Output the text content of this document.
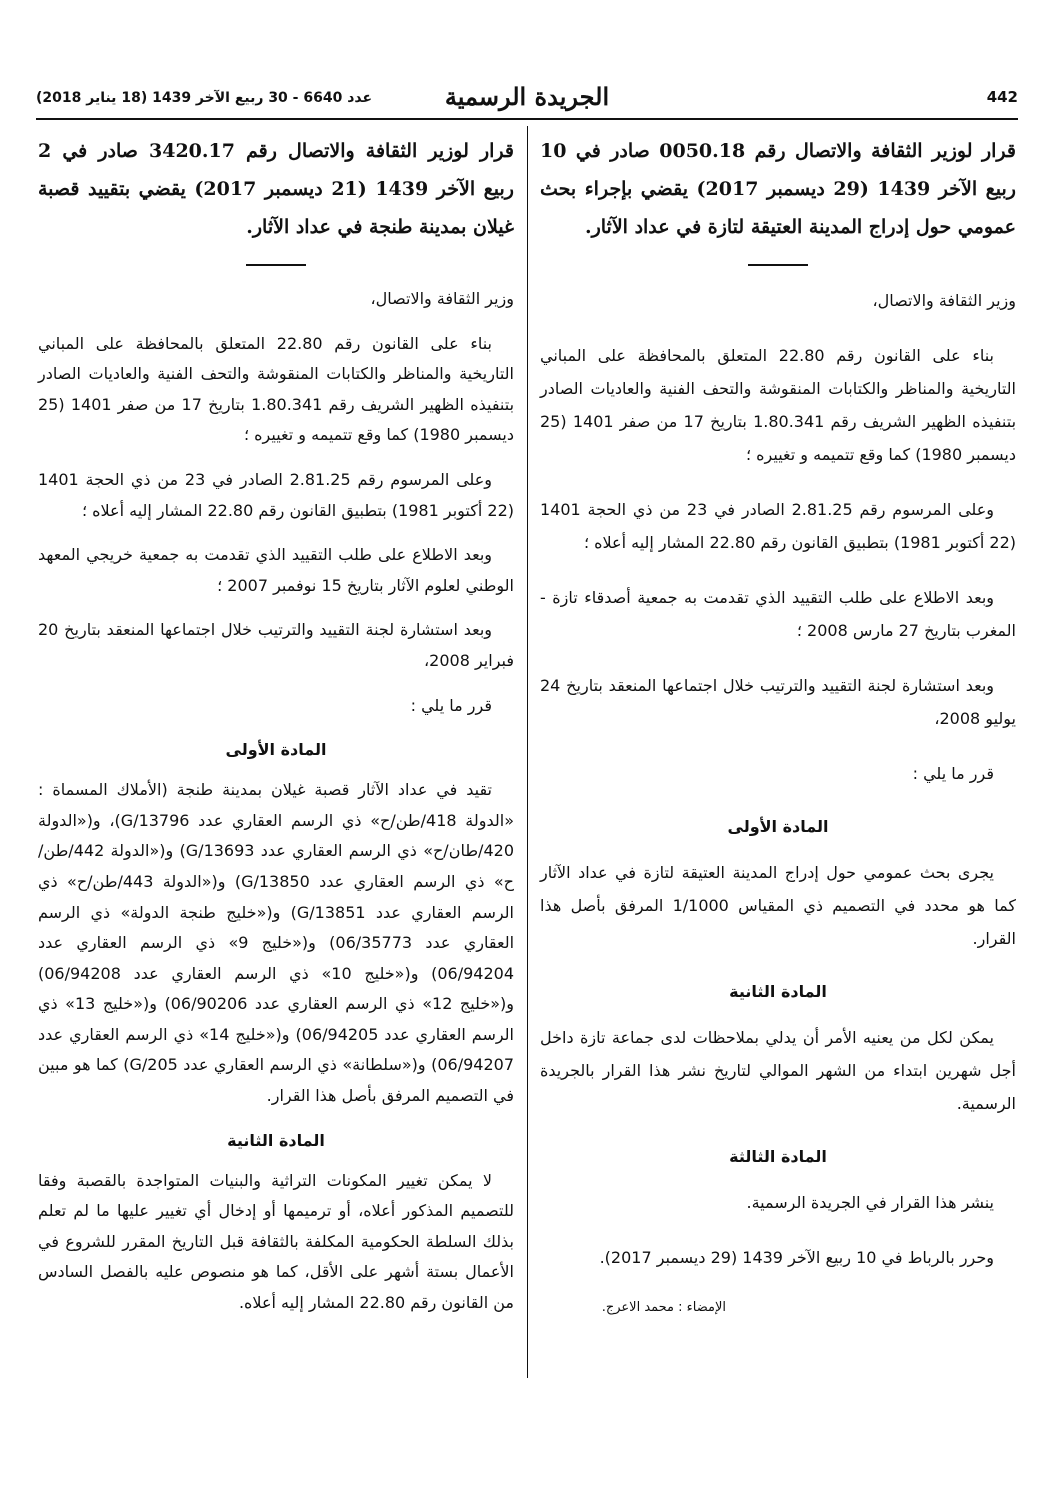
442
الجريدة الرسمية
عدد 6640 - 30 ربيع الآخر 1439 (18 يناير 2018)

قرار لوزير الثقافة والاتصال رقم 0050.18 صادر في 10 ربيع الآخر 1439 (29 ديسمبر 2017) يقضي بإجراء بحث عمومي حول إدراج المدينة العتيقة لتازة في عداد الآثار.

وزير الثقافة والاتصال،

بناء على القانون رقم 22.80 المتعلق بالمحافظة على المباني التاريخية والمناظر والكتابات المنقوشة والتحف الفنية والعاديات الصادر بتنفيذه الظهير الشريف رقم 1.80.341 بتاريخ 17 من صفر 1401 (25 ديسمبر 1980) كما وقع تتميمه و تغييره ؛

وعلى المرسوم رقم 2.81.25 الصادر في 23 من ذي الحجة 1401 (22 أكتوبر 1981) بتطبيق القانون رقم 22.80 المشار إليه أعلاه ؛

وبعد الاطلاع على طلب التقييد الذي تقدمت به جمعية أصدقاء تازة - المغرب بتاريخ 27 مارس 2008 ؛

وبعد استشارة لجنة التقييد والترتيب خلال اجتماعها المنعقد بتاريخ 24 يوليو 2008،

قرر ما يلي :

المادة الأولى

يجرى بحث عمومي حول إدراج المدينة العتيقة لتازة في عداد الآثار كما هو محدد في التصميم ذي المقياس 1/1000 المرفق بأصل هذا القرار.

المادة الثانية

يمكن لكل من يعنيه الأمر أن يدلي بملاحظات لدى جماعة تازة داخل أجل شهرين ابتداء من الشهر الموالي لتاريخ نشر هذا القرار بالجريدة الرسمية.

المادة الثالثة

ينشر هذا القرار في الجريدة الرسمية.

وحرر بالرباط في 10 ربيع الآخر 1439 (29 ديسمبر 2017).

الإمضاء : محمد الاعرج.

قرار لوزير الثقافة والاتصال رقم 3420.17 صادر في 2 ربيع الآخر 1439 (21 ديسمبر 2017) يقضي بتقييد قصبة غيلان بمدينة طنجة في عداد الآثار.

وزير الثقافة والاتصال،

بناء على القانون رقم 22.80 المتعلق بالمحافظة على المباني التاريخية والمناظر والكتابات المنقوشة والتحف الفنية والعاديات الصادر بتنفيذه الظهير الشريف رقم 1.80.341 بتاريخ 17 من صفر 1401 (25 ديسمبر 1980) كما وقع تتميمه و تغييره ؛

وعلى المرسوم رقم 2.81.25 الصادر في 23 من ذي الحجة 1401 (22 أكتوبر 1981) بتطبيق القانون رقم 22.80 المشار إليه أعلاه ؛

وبعد الاطلاع على طلب التقييد الذي تقدمت به جمعية خريجي المعهد الوطني لعلوم الآثار بتاريخ 15 نوفمبر 2007 ؛

وبعد استشارة لجنة التقييد والترتيب خلال اجتماعها المنعقد بتاريخ 20 فبراير 2008،

قرر ما يلي :

المادة الأولى

تقيد في عداد الآثار قصبة غيلان بمدينة طنجة (الأملاك المسماة : «الدولة 418/طن/ح» ذي الرسم العقاري عدد G/13796)، و(«الدولة 420/طان/ح» ذي الرسم العقاري عدد G/13693) و(«الدولة 442/طن/ح» ذي الرسم العقاري عدد G/13850) و(«الدولة 443/طن/ح» ذي الرسم العقاري عدد G/13851) و(«خليج طنجة الدولة» ذي الرسم العقاري عدد 06/35773) و(«خليج 9» ذي الرسم العقاري عدد 06/94204) و(«خليج 10» ذي الرسم العقاري عدد 06/94208) و(«خليج 12» ذي الرسم العقاري عدد 06/90206) و(«خليج 13» ذي الرسم العقاري عدد 06/94205) و(«خليج 14» ذي الرسم العقاري عدد 06/94207) و(«سلطانة» ذي الرسم العقاري عدد G/205) كما هو مبين في التصميم المرفق بأصل هذا القرار.

المادة الثانية

لا يمكن تغيير المكونات التراثية والبنيات المتواجدة بالقصبة وفقا للتصميم المذكور أعلاه، أو ترميمها أو إدخال أي تغيير عليها ما لم تعلم بذلك السلطة الحكومية المكلفة بالثقافة قبل التاريخ المقرر للشروع في الأعمال بستة أشهر على الأقل، كما هو منصوص عليه بالفصل السادس من القانون رقم 22.80 المشار إليه أعلاه.
